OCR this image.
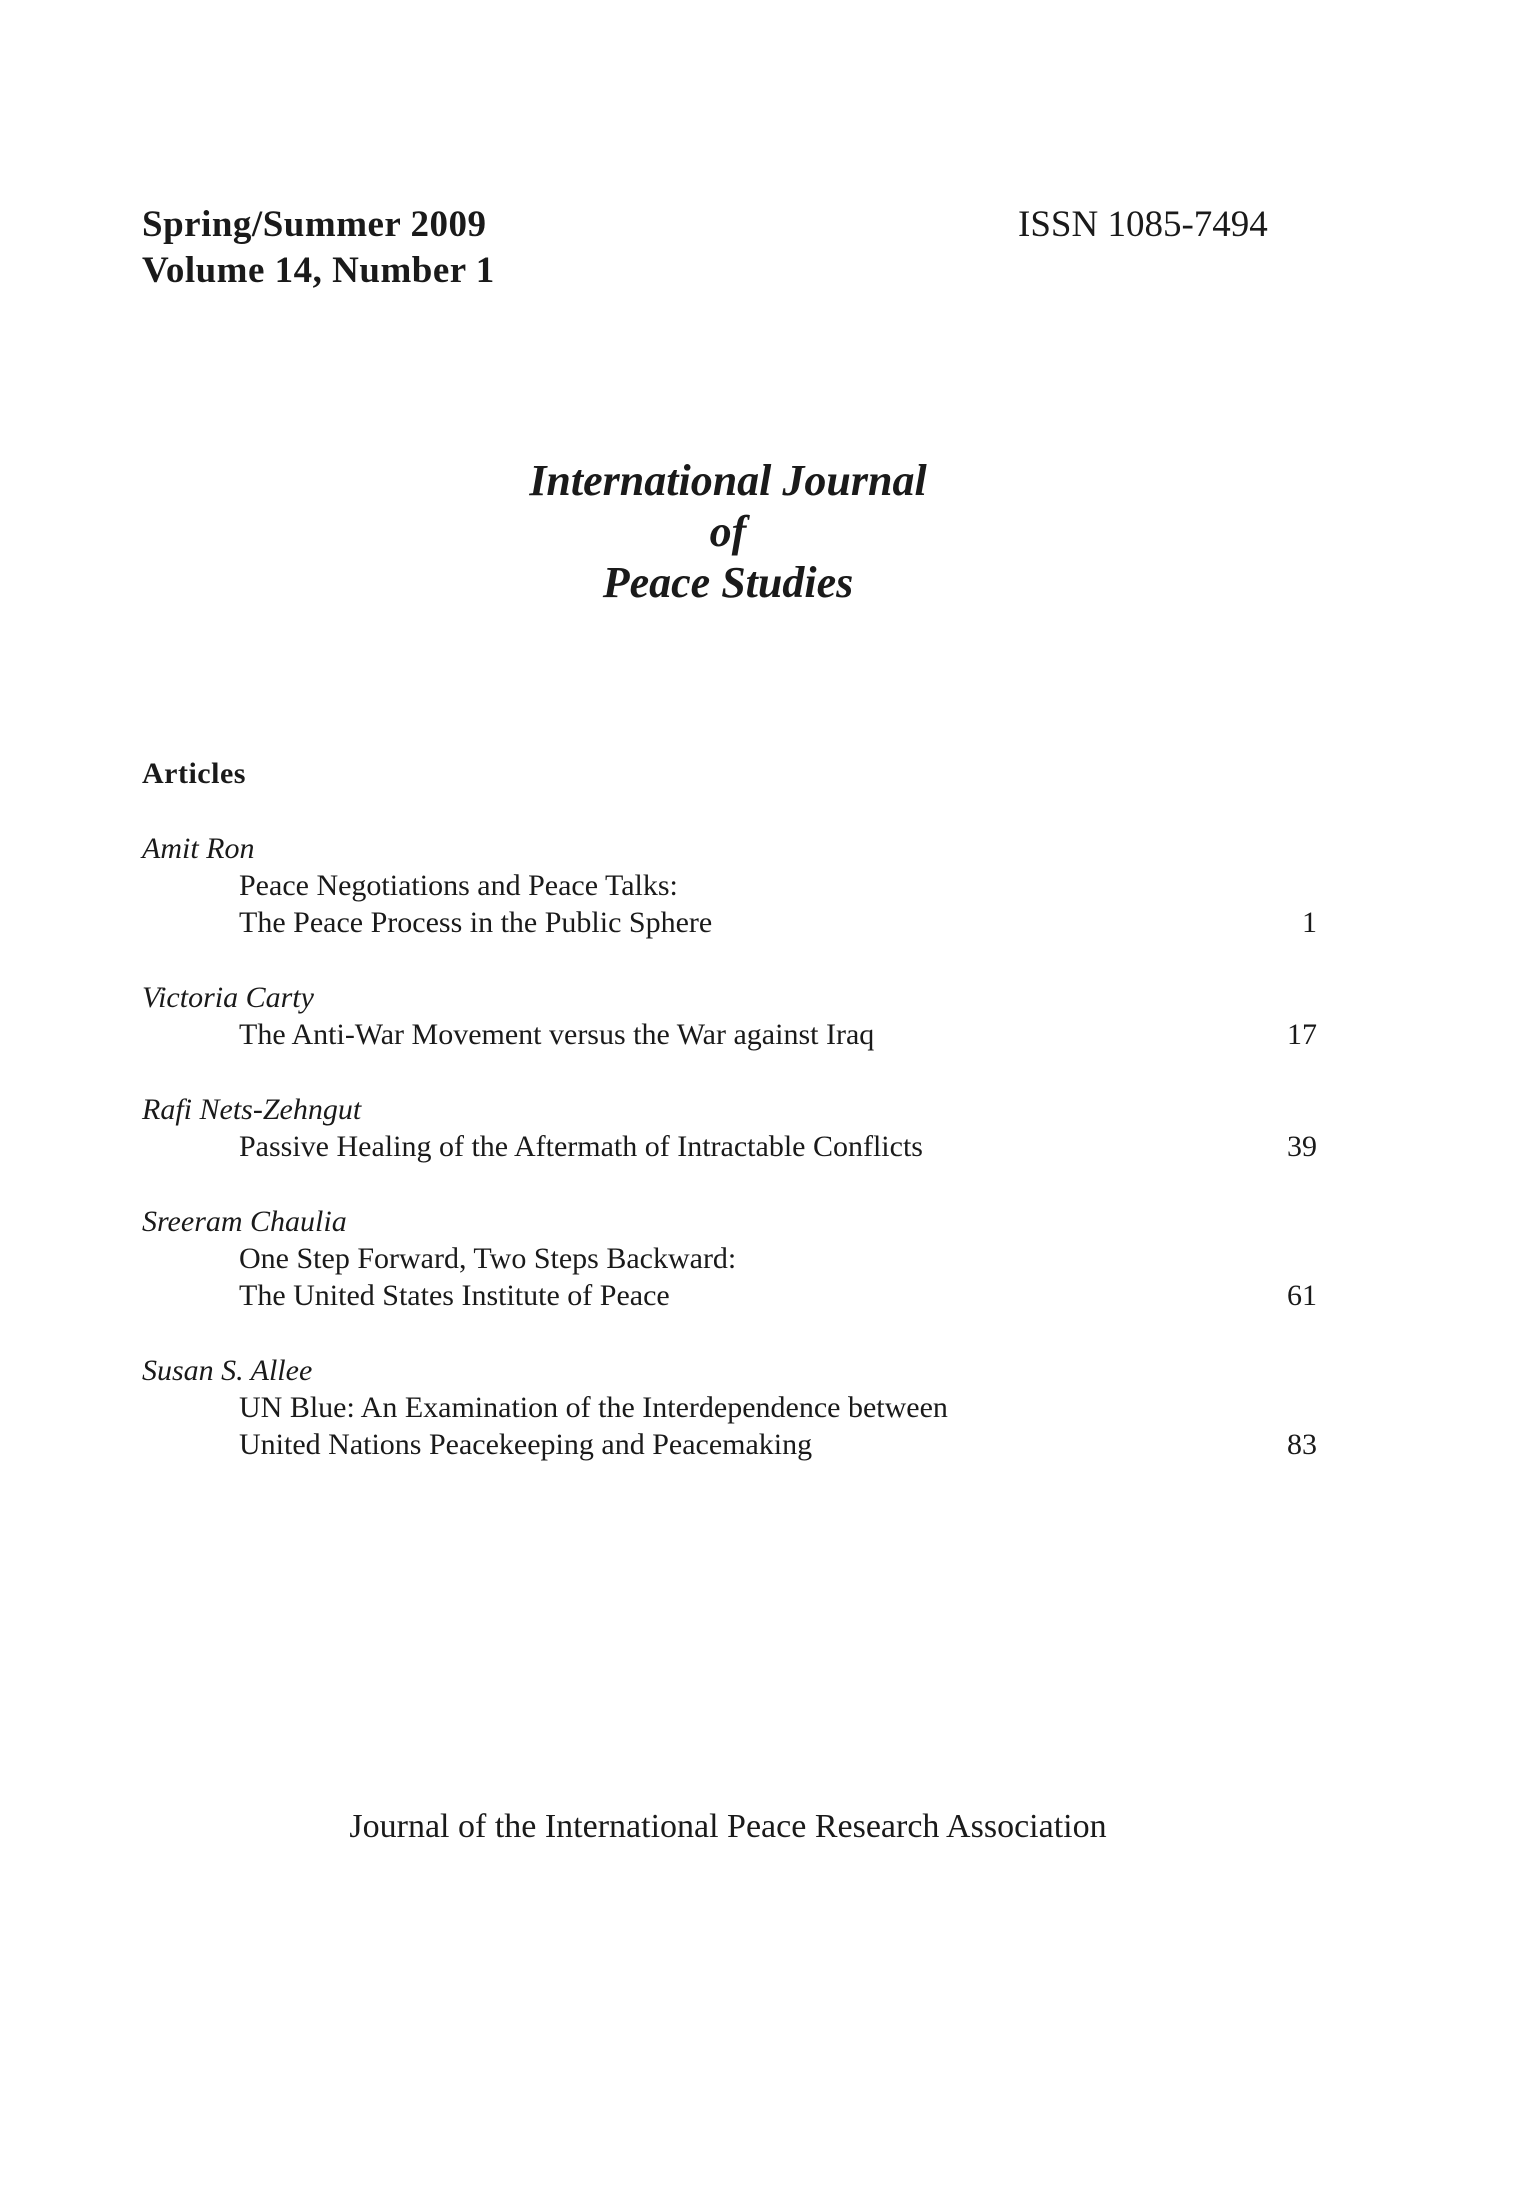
Spring/Summer 2009
Volume 14, Number 1
ISSN 1085-7494
International Journal
of
Peace Studies
Articles
Amit Ron
Peace Negotiations and Peace Talks:
The Peace Process in the Public Sphere	1
Victoria Carty
The Anti-War Movement versus the War against Iraq	17
Rafi Nets-Zehngut
Passive Healing of the Aftermath of Intractable Conflicts	39
Sreeram Chaulia
One Step Forward, Two Steps Backward:
The United States Institute of Peace	61
Susan S. Allee
UN Blue: An Examination of the Interdependence between
United Nations Peacekeeping and Peacemaking	83
Journal of the International Peace Research Association
